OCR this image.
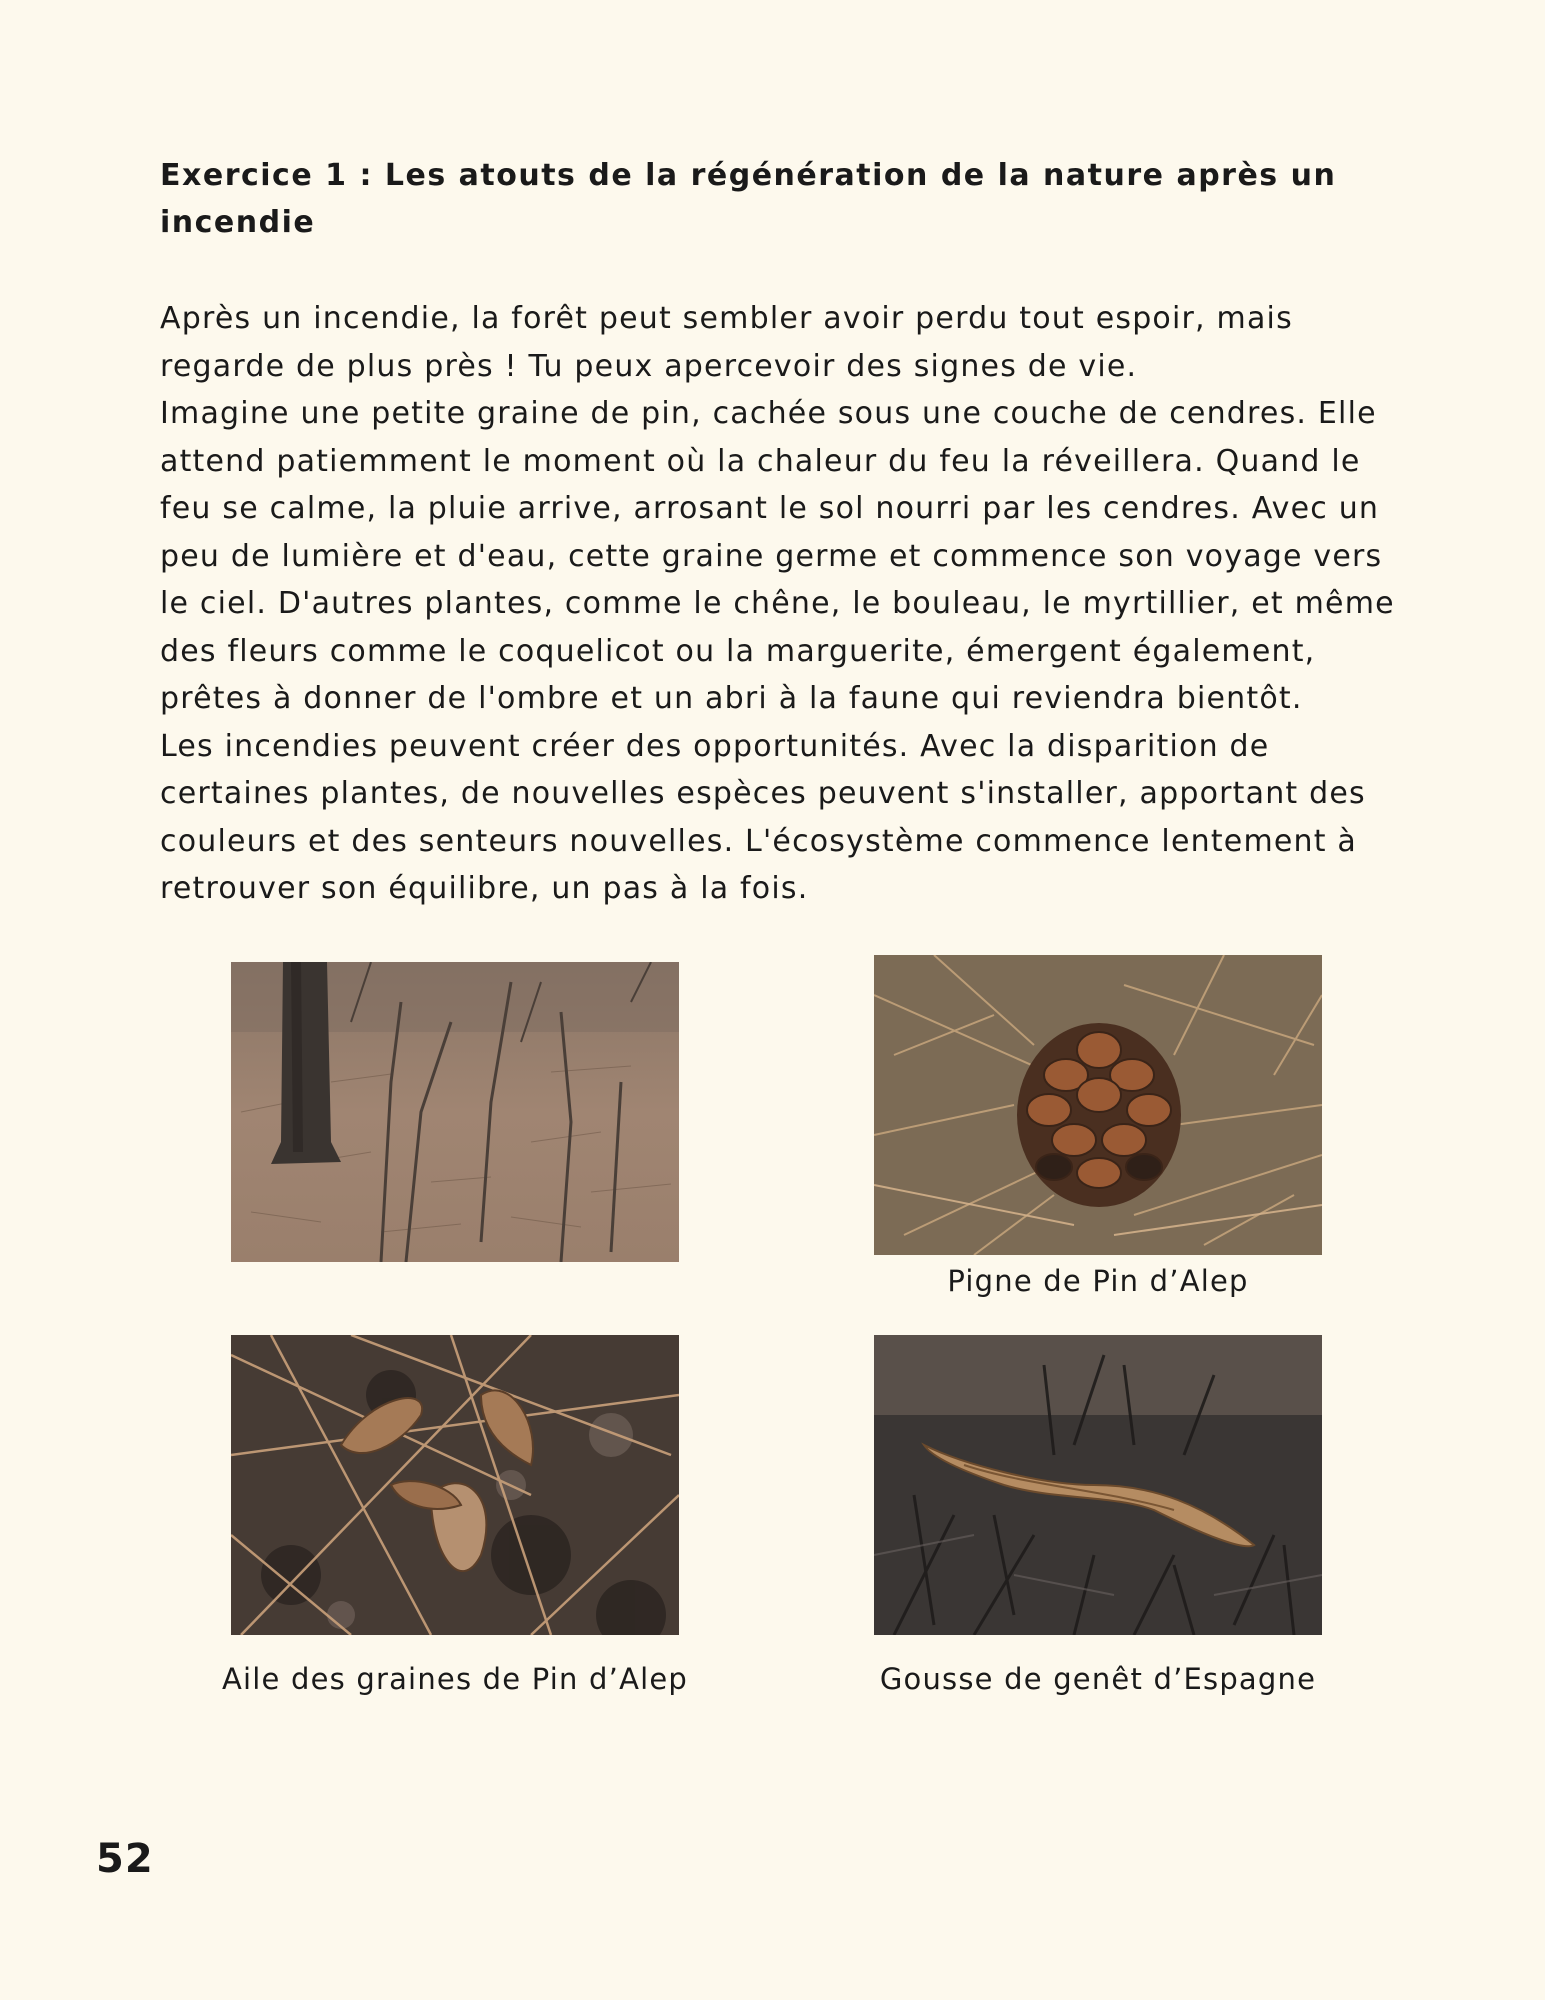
Exercice 1 : Les atouts de la régénération de la nature après un incendie

Après un incendie, la forêt peut sembler avoir perdu tout espoir, mais regarde de plus près ! Tu peux apercevoir des signes de vie.

Imagine une petite graine de pin, cachée sous une couche de cendres. Elle attend patiemment le moment où la chaleur du feu la réveillera. Quand le feu se calme, la pluie arrive, arrosant le sol nourri par les cendres. Avec un peu de lumière et d'eau, cette graine germe et commence son voyage vers le ciel. D'autres plantes, comme le chêne, le bouleau, le myrtillier, et même des fleurs comme le coquelicot ou la marguerite, émergent également, prêtes à donner de l'ombre et un abri à la faune qui reviendra bientôt.

Les incendies peuvent créer des opportunités. Avec la disparition de certaines plantes, de nouvelles espèces peuvent s'installer, apportant des couleurs et des senteurs nouvelles. L'écosystème commence lentement à retrouver son équilibre, un pas à la fois.

Pigne de Pin d’Alep
Aile des graines de Pin d’Alep	Gousse de genêt d’Espagne
52
